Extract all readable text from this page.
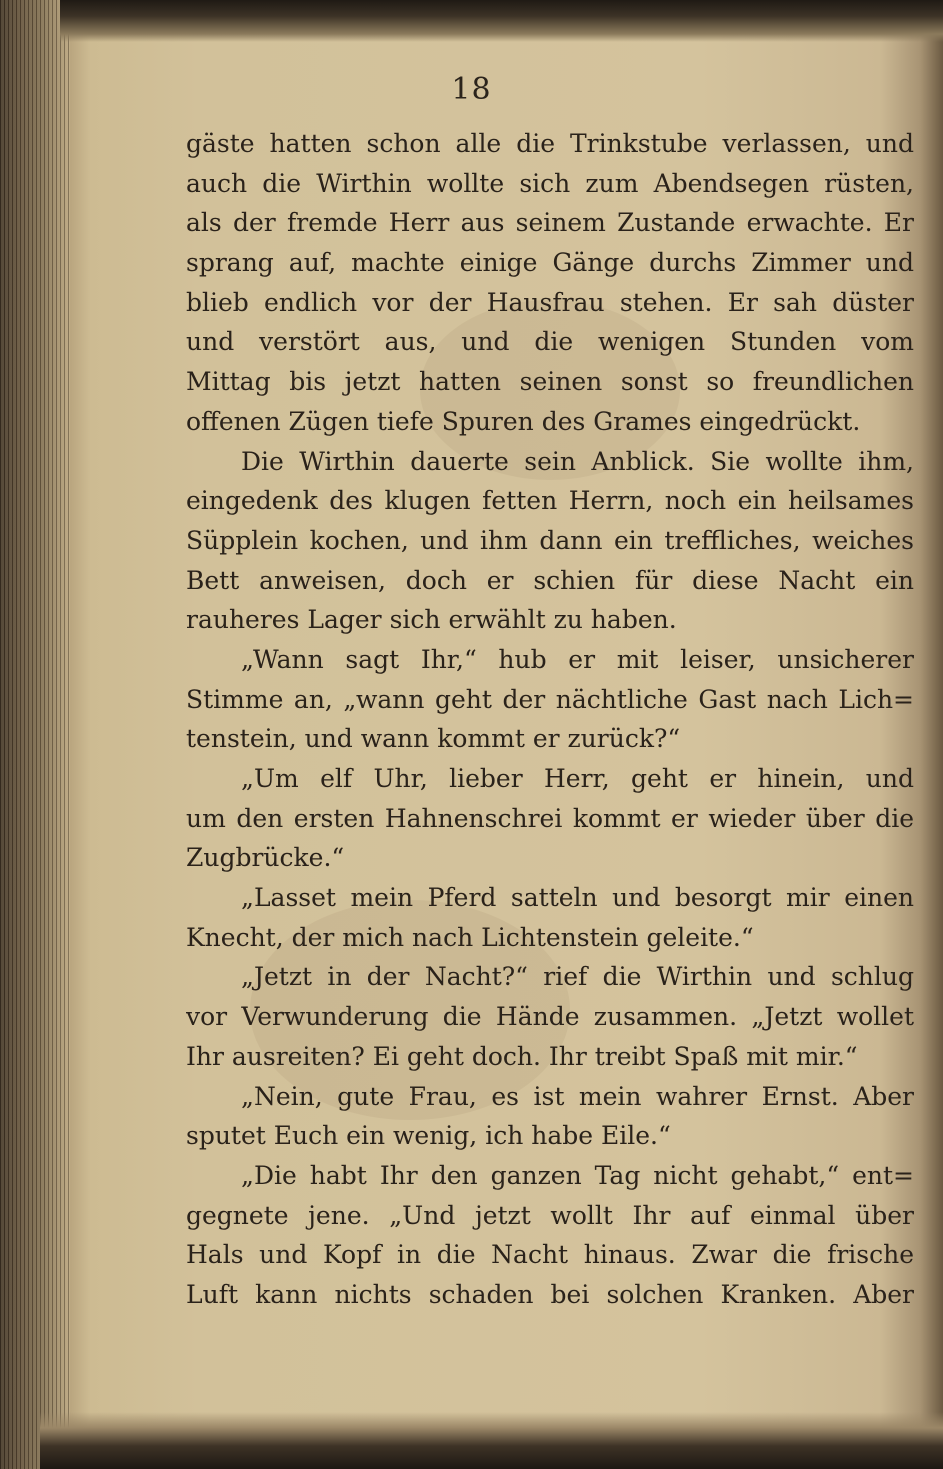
18
gäste hatten schon alle die Trinkstube verlassen, und
auch die Wirthin wollte sich zum Abendsegen rüsten,
als der fremde Herr aus seinem Zustande erwachte. Er
sprang auf, machte einige Gänge durchs Zimmer und
blieb endlich vor der Hausfrau stehen. Er sah düster
und verstört aus, und die wenigen Stunden vom
Mittag bis jetzt hatten seinen sonst so freundlichen
offenen Zügen tiefe Spuren des Grames eingedrückt.
Die Wirthin dauerte sein Anblick. Sie wollte ihm,
eingedenk des klugen fetten Herrn, noch ein heilsames
Süpplein kochen, und ihm dann ein treffliches, weiches
Bett anweisen, doch er schien für diese Nacht ein
rauheres Lager sich erwählt zu haben.
„Wann sagt Ihr,“ hub er mit leiser, unsicherer
Stimme an, „wann geht der nächtliche Gast nach Lich=
tenstein, und wann kommt er zurück?“
„Um elf Uhr, lieber Herr, geht er hinein, und
um den ersten Hahnenschrei kommt er wieder über die
Zugbrücke.“
„Lasset mein Pferd satteln und besorgt mir einen
Knecht, der mich nach Lichtenstein geleite.“
„Jetzt in der Nacht?“ rief die Wirthin und schlug
vor Verwunderung die Hände zusammen. „Jetzt wollet
Ihr ausreiten? Ei geht doch. Ihr treibt Spaß mit mir.“
„Nein, gute Frau, es ist mein wahrer Ernst. Aber
sputet Euch ein wenig, ich habe Eile.“
„Die habt Ihr den ganzen Tag nicht gehabt,“ ent=
gegnete jene. „Und jetzt wollt Ihr auf einmal über
Hals und Kopf in die Nacht hinaus. Zwar die frische
Luft kann nichts schaden bei solchen Kranken. Aber
